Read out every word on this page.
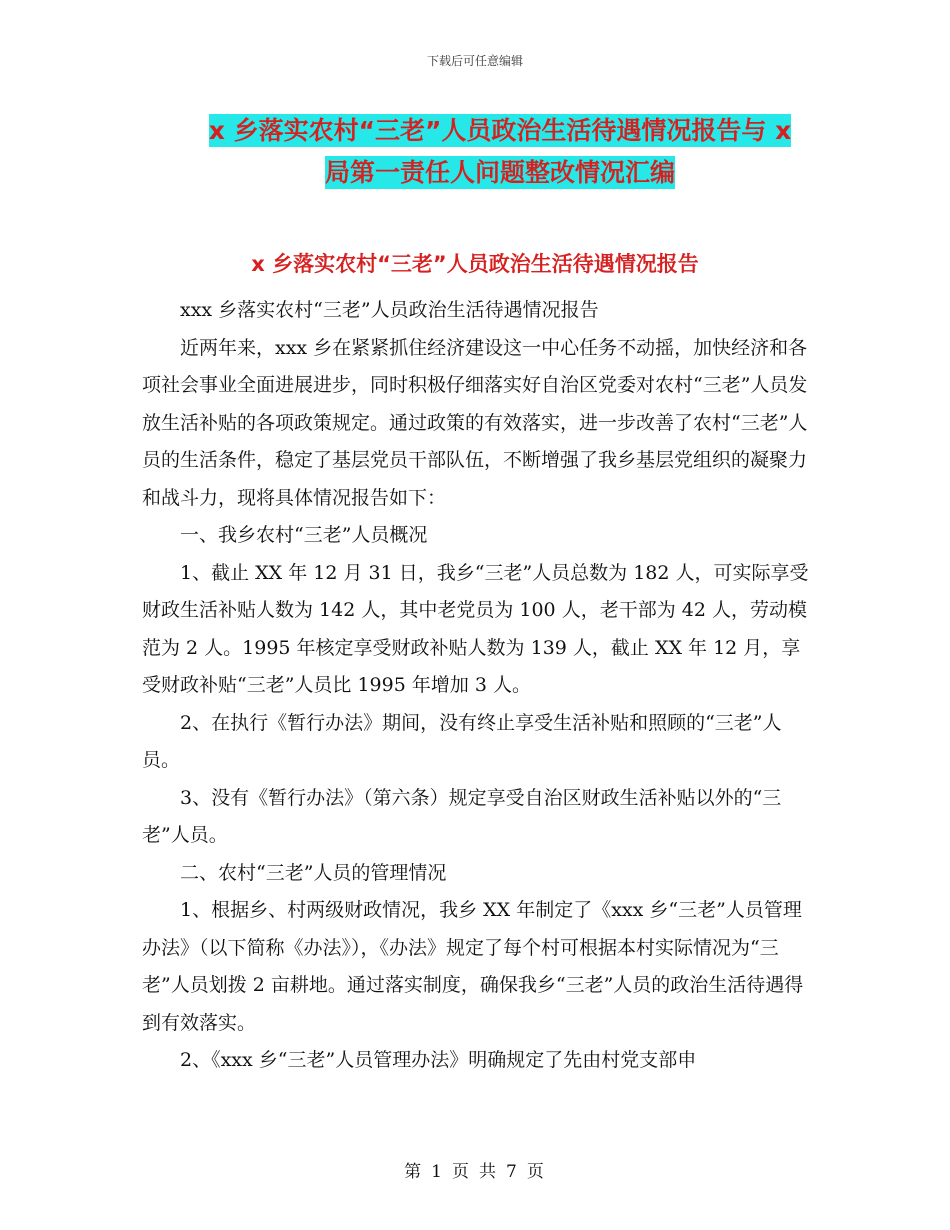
下载后可任意编辑
x 乡落实农村“三老”人员政治生活待遇情况报告与 x
局第一责任人问题整改情况汇编
x 乡落实农村“三老”人员政治生活待遇情况报告

xxx 乡落实农村“三老”人员政治生活待遇情况报告

近两年来，xxx 乡在紧紧抓住经济建设这一中心任务不动摇，加快经济和各项社会事业全面进展进步，同时积极仔细落实好自治区党委对农村“三老”人员发放生活补贴的各项政策规定。通过政策的有效落实，进一步改善了农村“三老”人员的生活条件，稳定了基层党员干部队伍，不断增强了我乡基层党组织的凝聚力和战斗力，现将具体情况报告如下：

一、我乡农村“三老”人员概况

1、截止 XX 年 12 月 31 日，我乡“三老”人员总数为 182 人，可实际享受财政生活补贴人数为 142 人，其中老党员为 100 人，老干部为 42 人，劳动模范为 2 人。1995 年核定享受财政补贴人数为 139 人，截止 XX 年 12 月，享受财政补贴“三老”人员比 1995 年增加 3 人。

2、在执行《暂行办法》期间，没有终止享受生活补贴和照顾的“三老”人员。

3、没有《暂行办法》（第六条）规定享受自治区财政生活补贴以外的“三老”人员。

二、农村“三老”人员的管理情况

1、根据乡、村两级财政情况，我乡 XX 年制定了《xxx 乡“三老”人员管理办法》（以下简称《办法》），《办法》规定了每个村可根据本村实际情况为“三老”人员划拨 2 亩耕地。通过落实制度，确保我乡“三老”人员的政治生活待遇得到有效落实。

2、《xxx 乡“三老”人员管理办法》明确规定了先由村党支部申

第 1 页 共 7 页
